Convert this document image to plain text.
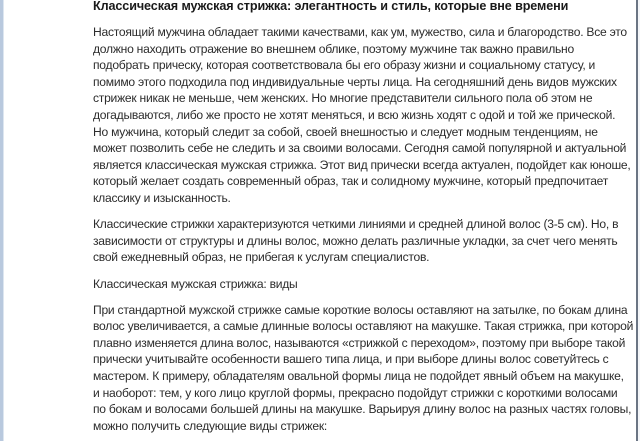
Классическая мужская стрижка: элегантность и стиль, которые вне времени
Настоящий мужчина обладает такими качествами, как ум, мужество, сила и благородство. Все это
должно находить отражение во внешнем облике, поэтому мужчине так важно правильно
подобрать прическу, которая соответствовала бы его образу жизни и социальному статусу, и
помимо этого подходила под индивидуальные черты лица. На сегодняшний день видов мужских
стрижек никак не меньше, чем женских. Но многие представители сильного пола об этом не
догадываются, либо же просто не хотят меняться, и всю жизнь ходят с одой и той же прической.
Но мужчина, который следит за собой, своей внешностью и следует модным тенденциям, не
может позволить себе не следить и за своими волосами. Сегодня самой популярной и актуальной
является классическая мужская стрижка. Этот вид прически всегда актуален, подойдет как юноше,
который желает создать современный образ, так и солидному мужчине, который предпочитает
классику и изысканность.
Классические стрижки характеризуются четкими линиями и средней длиной волос (3-5 см). Но, в
зависимости от структуры и длины волос, можно делать различные укладки, за счет чего менять
свой ежедневный образ, не прибегая к услугам специалистов.
Классическая мужская стрижка: виды
При стандартной мужской стрижке самые короткие волосы оставляют на затылке, по бокам длина
волос увеличивается, а самые длинные волосы оставляют на макушке. Такая стрижка, при которой
плавно изменяется длина волос, называются «стрижкой с переходом», поэтому при выборе такой
прически учитывайте особенности вашего типа лица, и при выборе длины волос советуйтесь с
мастером. К примеру, обладателям овальной формы лица не подойдет явный объем на макушке,
и наоборот: тем, у кого лицо круглой формы, прекрасно подойдут стрижки с короткими волосами
по бокам и волосами большей длины на макушке. Варьируя длину волос на разных частях головы,
можно получить следующие виды стрижек:
